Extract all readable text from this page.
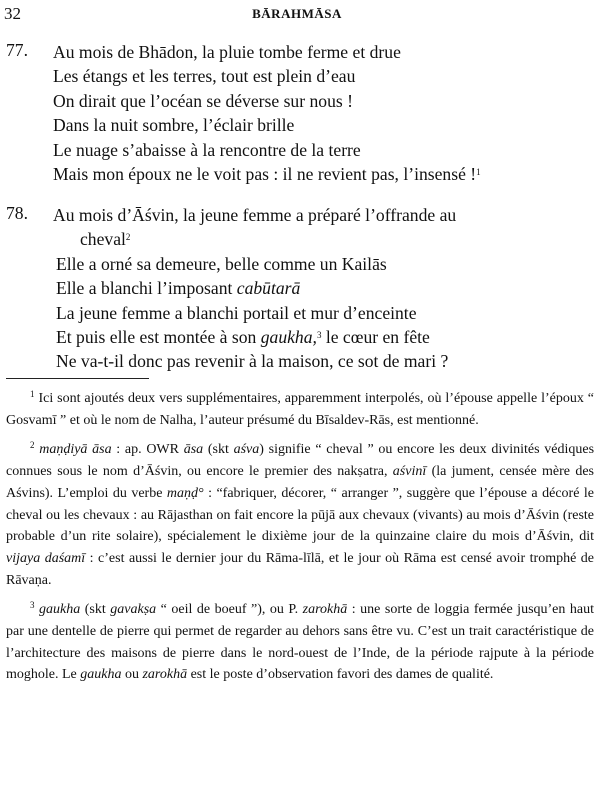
32	BĀRAHMĀSA
77. Au mois de Bhādon, la pluie tombe ferme et drue
Les étangs et les terres, tout est plein d’eau
On dirait que l’océan se déverse sur nous !
Dans la nuit sombre, l’éclair brille
Le nuage s’abaisse à la rencontre de la terre
Mais mon époux ne le voit pas : il ne revient pas, l’insensé !$^1$
78. Au mois d’Āśvin, la jeune femme a préparé l’offrande au
cheval$^2$
Elle a orné sa demeure, belle comme un Kailās
Elle a blanchi l’imposant cabūtarā
La jeune femme a blanchi portail et mur d’enceinte
Et puis elle est montée à son gaukha,$^3$ le cœur en fête
Ne va-t-il donc pas revenir à la maison, ce sot de mari ?

$^1$ Ici sont ajoutés deux vers supplémentaires, apparemment interpolés, où l’épouse appelle l’époux “ Gosvamī ” et où le nom de Nalha, l’auteur présumé du Bīsaldev-Rās, est mentionné.

$^2$ maṇḍiyā āsa : ap. OWR āsa (skt aśva) signifie “ cheval ” ou encore les deux divinités védiques connues sous le nom d’Āśvin, ou encore le premier des nakṣatra, aśvinī (la jument, censée mère des Aśvins). L’emploi du verbe maṇḍ° : “fabriquer, décorer, “ arranger ”, suggère que l’épouse a décoré le cheval ou les chevaux : au Rājasthan on fait encore la pūjā aux chevaux (vivants) au mois d’Āśvin (reste probable d’un rite solaire), spécialement le dixième jour de la quinzaine claire du mois d’Āśvin, dit vijaya daśamī : c’est aussi le dernier jour du Rāma-līlā, et le jour où Rāma est censé avoir tromphé de Rāvaṇa.

$^3$ gaukha (skt gavakṣa “ oeil de boeuf ”), ou P. zarokhā : une sorte de loggia fermée jusqu’en haut par une dentelle de pierre qui permet de regarder au dehors sans être vu. C’est un trait caractéristique de l’architecture des maisons de pierre dans le nord-ouest de l’Inde, de la période rajpute à la période moghole. Le gaukha ou zarokhā est le poste d’observation favori des dames de qualité.
